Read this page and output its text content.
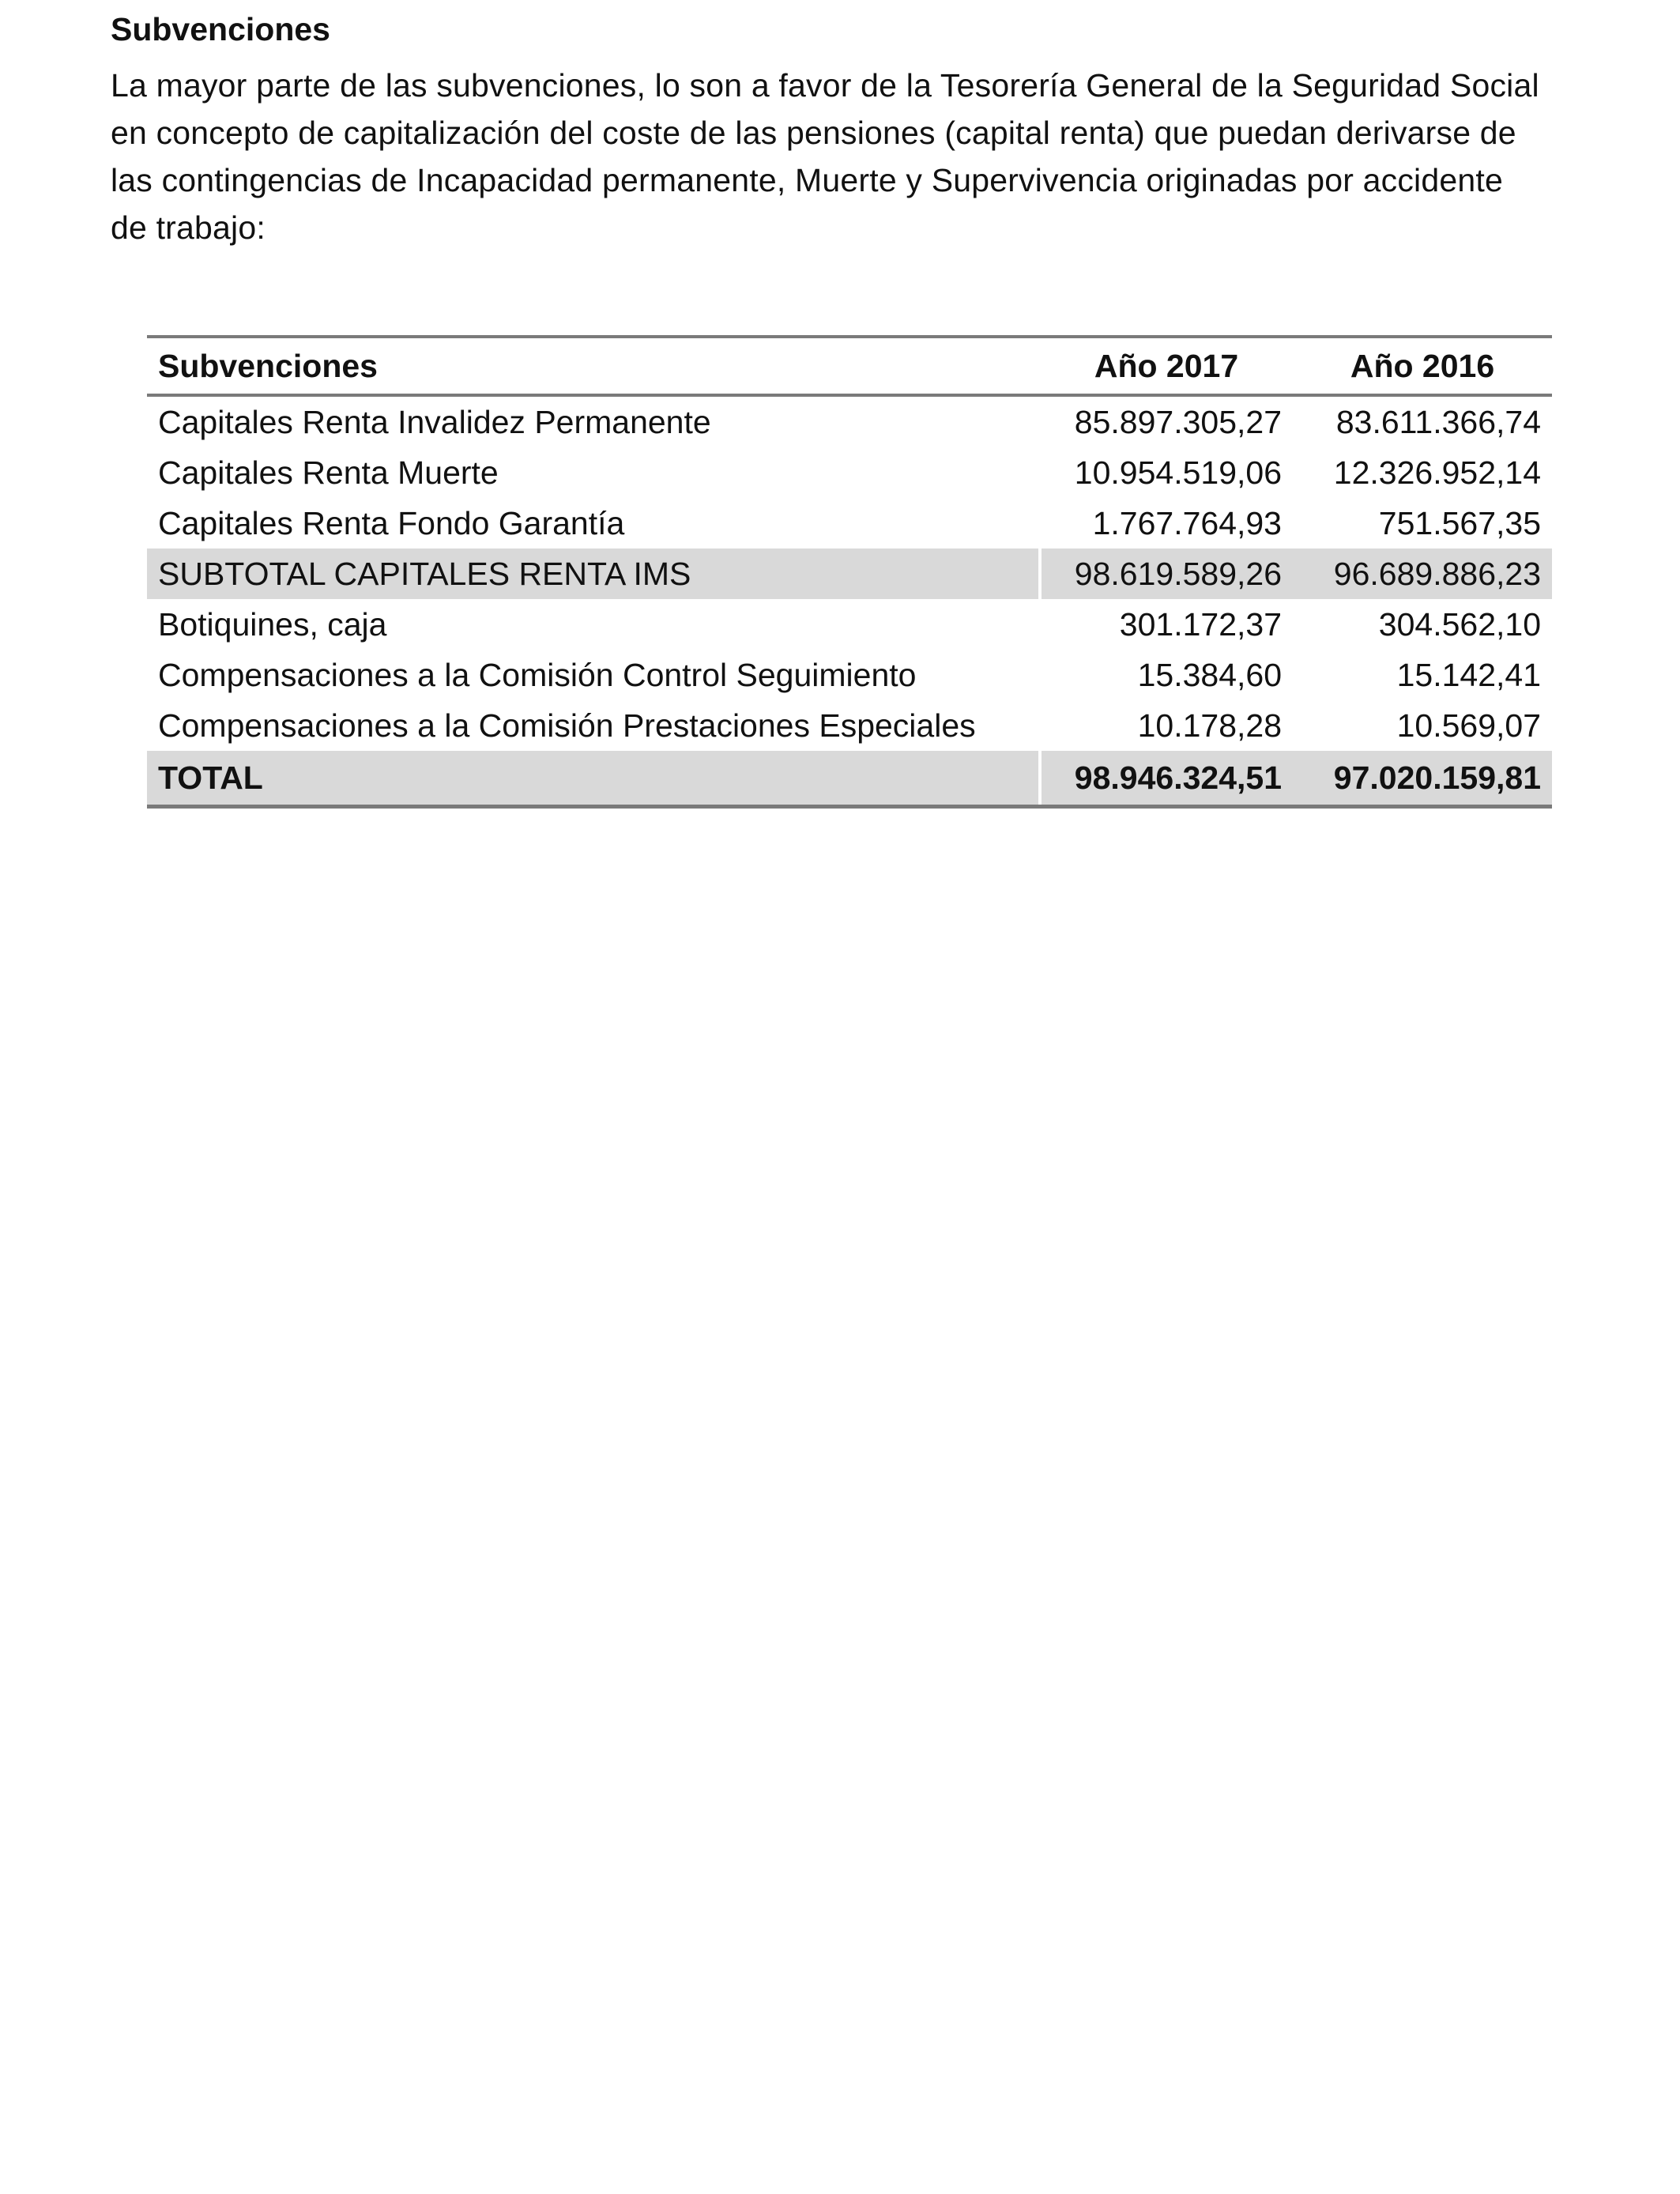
Subvenciones

La mayor parte de las subvenciones, lo son a favor de la Tesorería General de la Seguridad Social
en concepto de capitalización del coste de las pensiones (capital renta) que puedan derivarse de
las contingencias de Incapacidad permanente, Muerte y Supervivencia originadas por accidente
de trabajo:

Subvenciones	Año 2017	Año 2016
Capitales Renta Invalidez Permanente	85.897.305,27	83.611.366,74
Capitales Renta Muerte	10.954.519,06	12.326.952,14
Capitales Renta Fondo Garantía	1.767.764,93	751.567,35
SUBTOTAL CAPITALES RENTA IMS	98.619.589,26	96.689.886,23
Botiquines, caja	301.172,37	304.562,10
Compensaciones a la Comisión Control Seguimiento	15.384,60	15.142,41
Compensaciones a la Comisión Prestaciones Especiales	10.178,28	10.569,07
TOTAL	98.946.324,51	97.020.159,81
